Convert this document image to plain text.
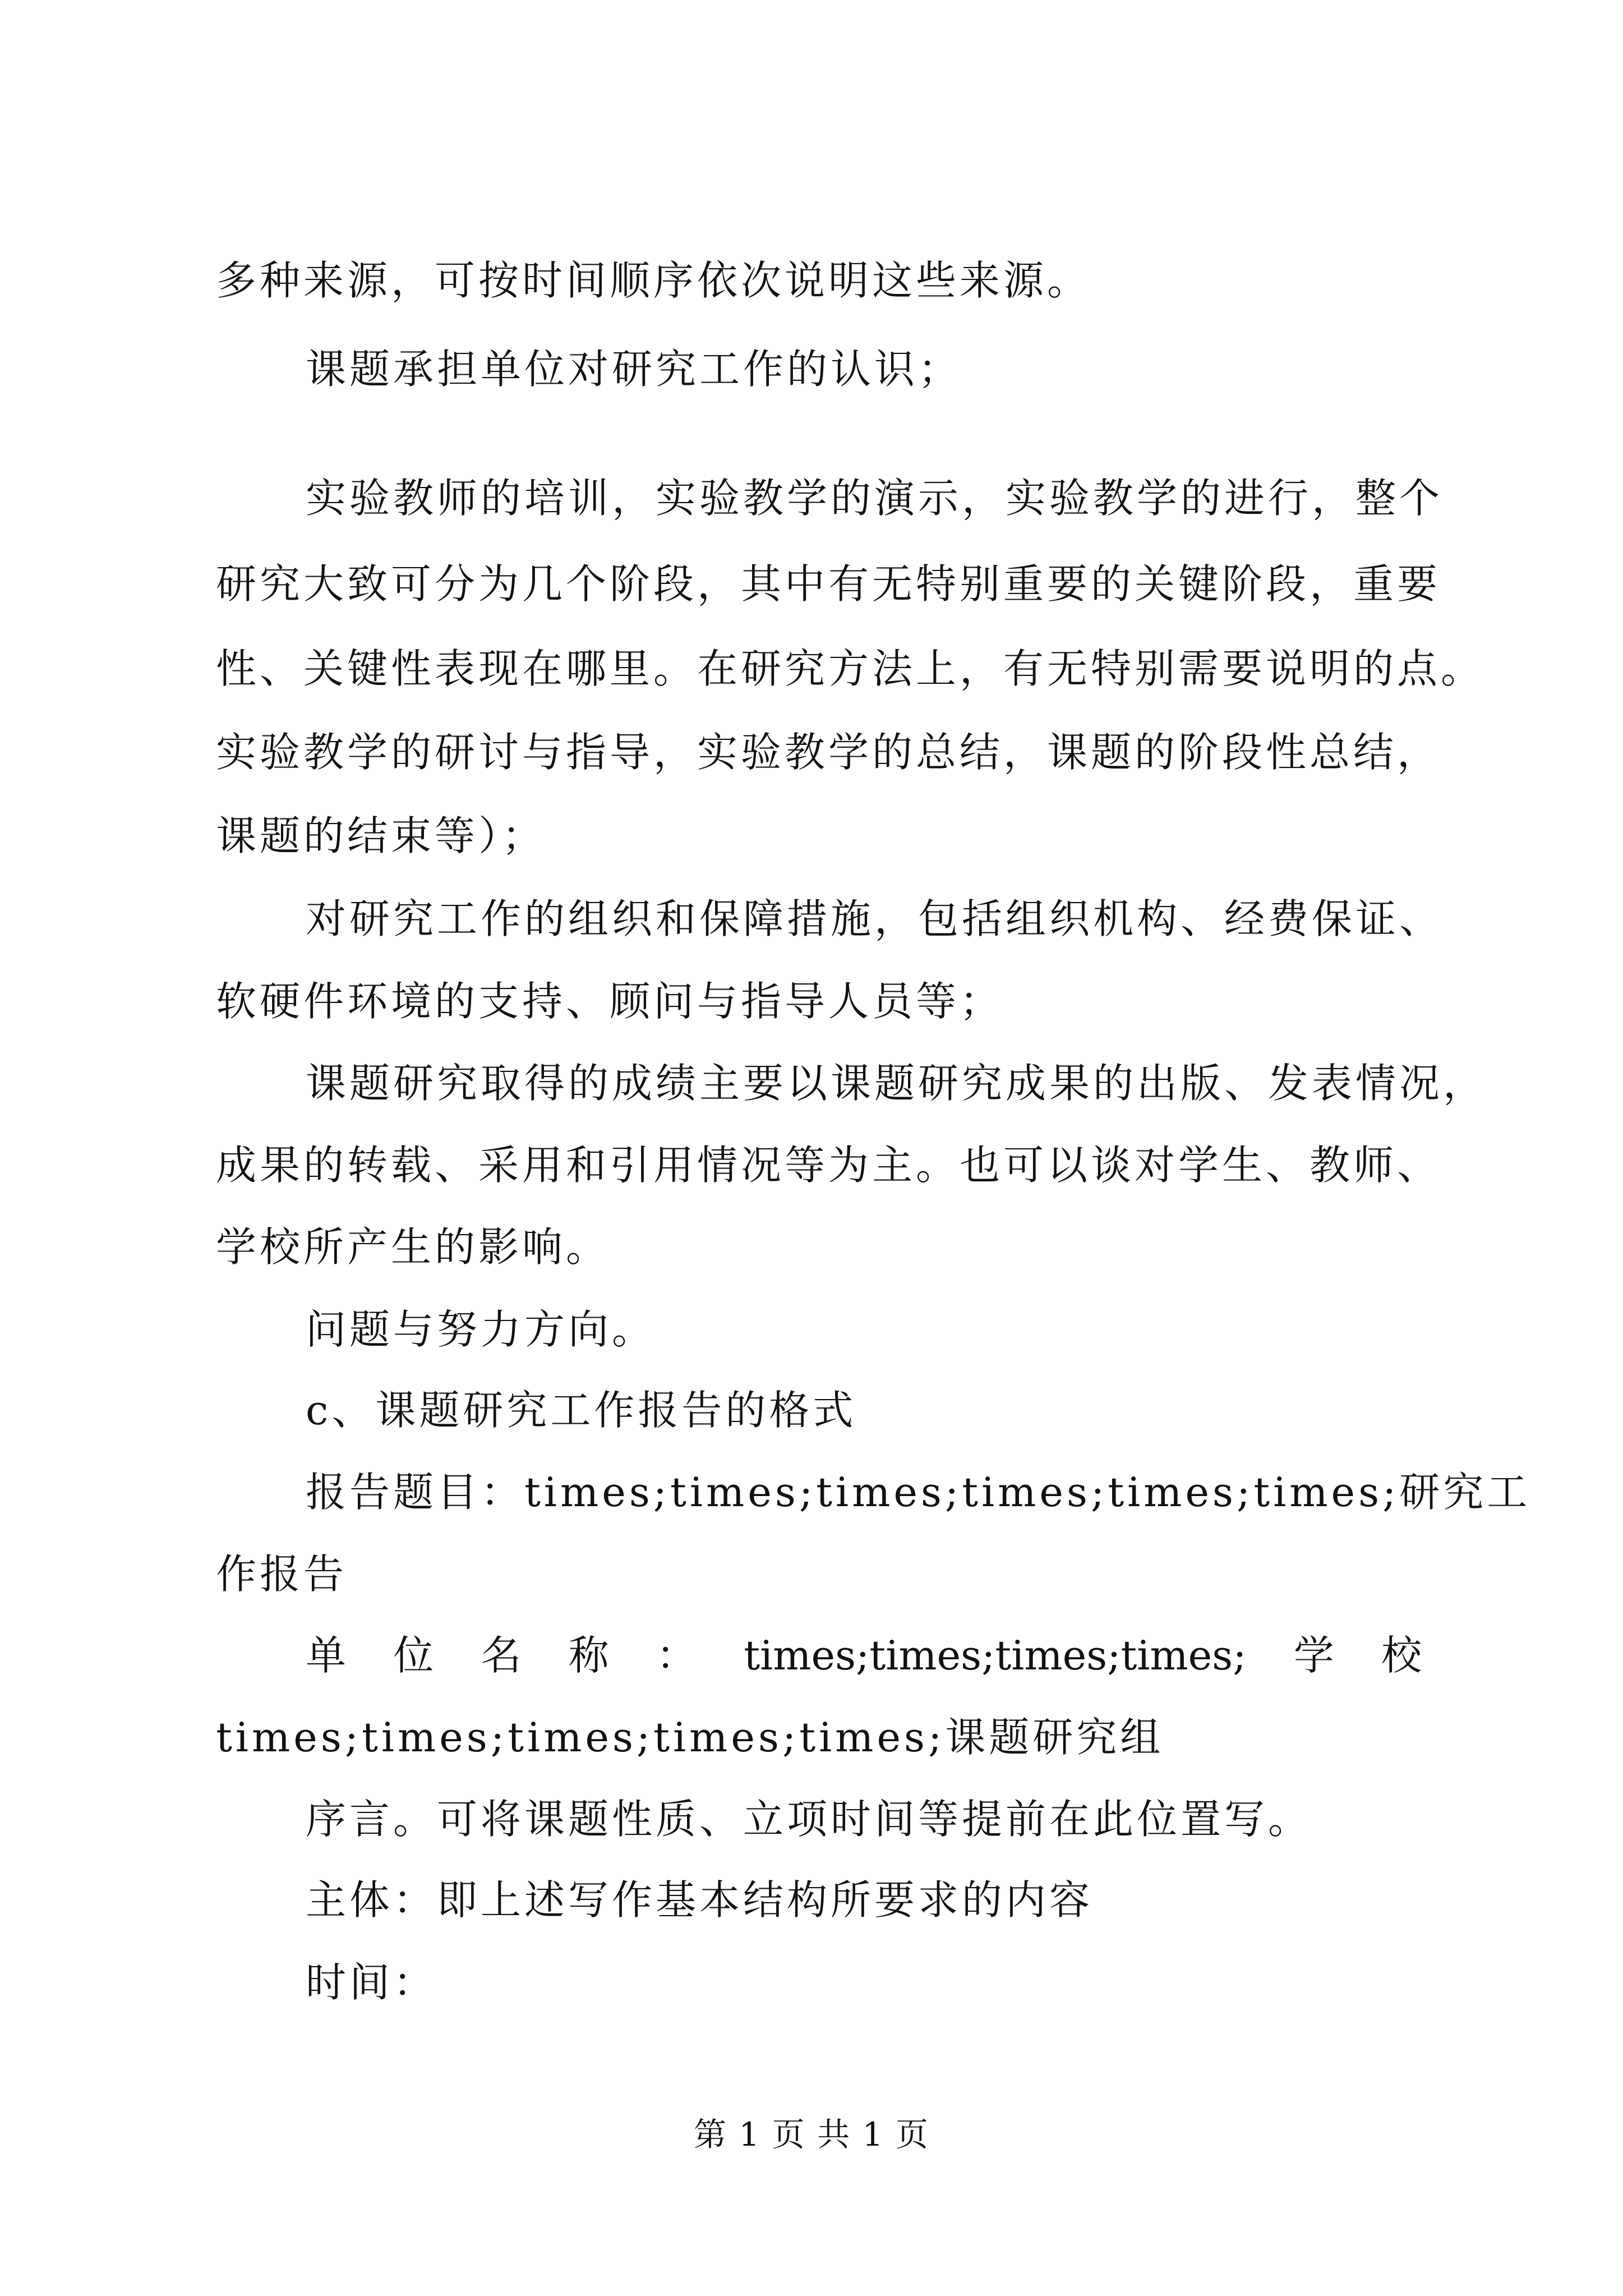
多种来源，可按时间顺序依次说明这些来源。
课题承担单位对研究工作的认识；
实验教师的培训，实验教学的演示，实验教学的进行，整个
研究大致可分为几个阶段，其中有无特别重要的关键阶段，重要
性、关键性表现在哪里。在研究方法上，有无特别需要说明的点。
实验教学的研讨与指导，实验教学的总结，课题的阶段性总结，
课题的结束等）；
对研究工作的组织和保障措施，包括组织机构、经费保证、
软硬件环境的支持、顾问与指导人员等；
课题研究取得的成绩主要以课题研究成果的出版、发表情况，
成果的转载、采用和引用情况等为主。也可以谈对学生、教师、
学校所产生的影响。
问题与努力方向。
c、课题研究工作报告的格式
报告题目：times;times;times;times;times;times;研究工
作报告
单 位 名 称 ： times;times;times;times; 学 校
times;times;times;times;times;课题研究组
序言。可将课题性质、立项时间等提前在此位置写。
主体：即上述写作基本结构所要求的内容
时间：
第 1 页 共 1 页
